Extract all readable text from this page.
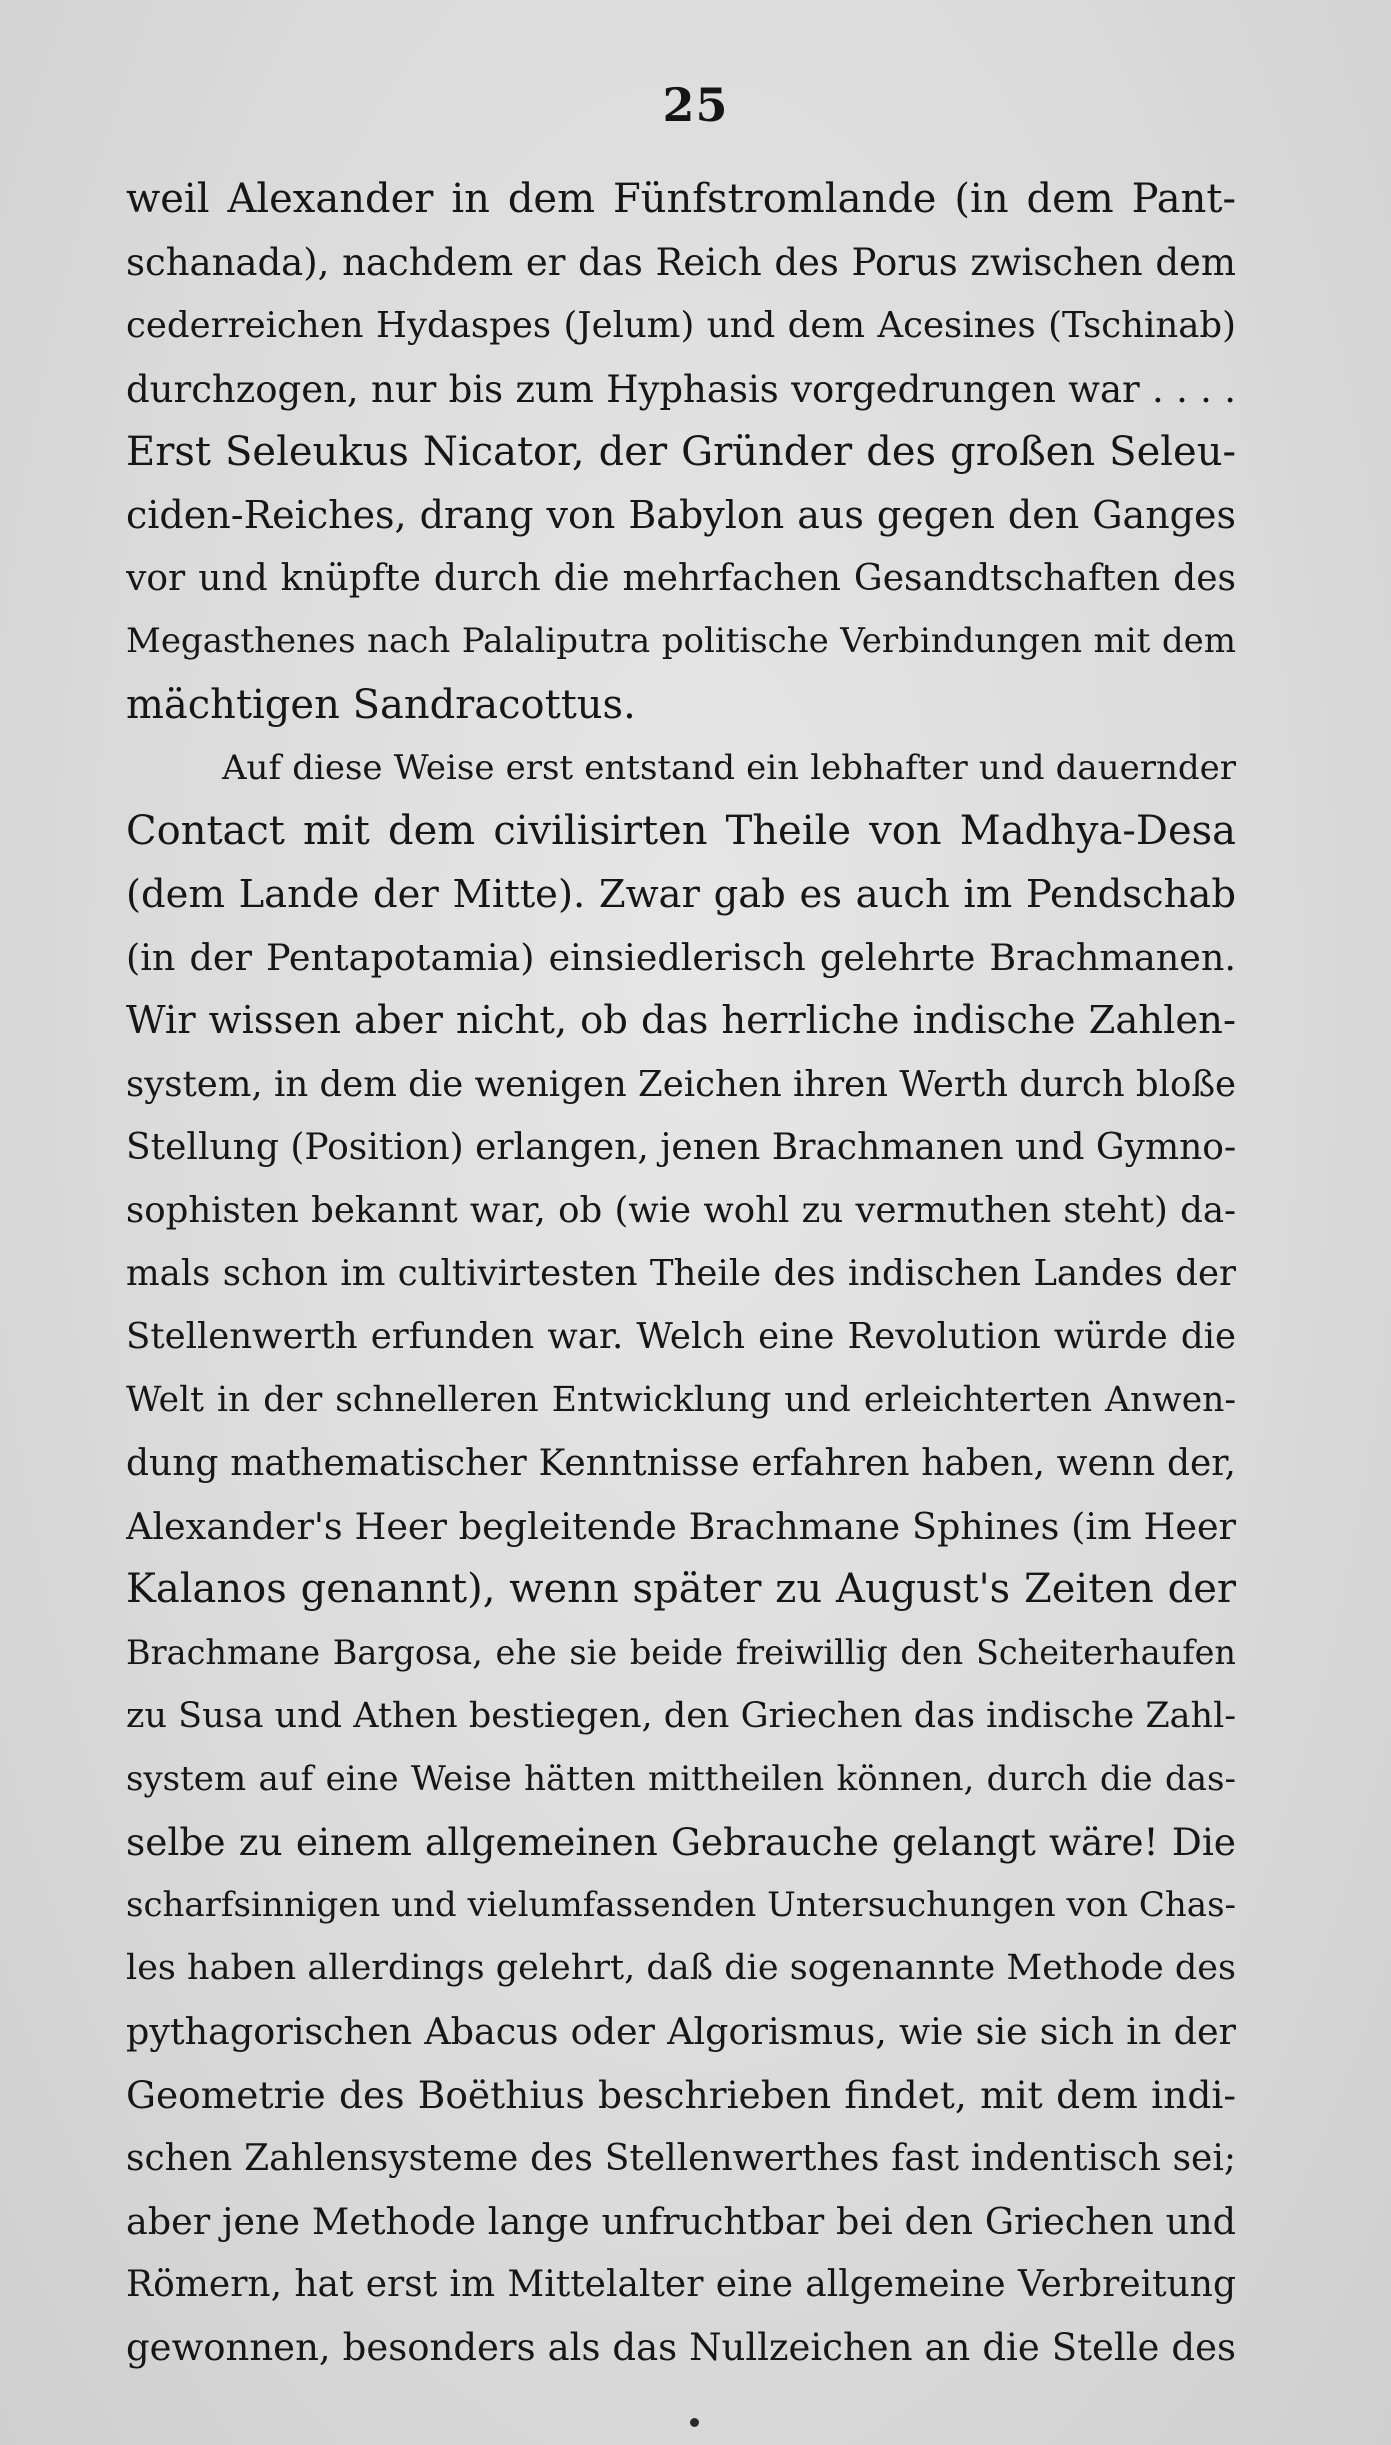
25
weil Alexander in dem Fünfstromlande (in dem Pant-
schanada), nachdem er das Reich des Porus zwischen dem
cederreichen Hydaspes (Jelum) und dem Acesines (Tschinab)
durchzogen, nur bis zum Hyphasis vorgedrungen war . . . .
Erst Seleukus Nicator, der Gründer des großen Seleu-
ciden-Reiches, drang von Babylon aus gegen den Ganges
vor und knüpfte durch die mehrfachen Gesandtschaften des
Megasthenes nach Palaliputra politische Verbindungen mit dem
mächtigen Sandracottus.
Auf diese Weise erst entstand ein lebhafter und dauernder
Contact mit dem civilisirten Theile von Madhya-Desa
(dem Lande der Mitte). Zwar gab es auch im Pendschab
(in der Pentapotamia) einsiedlerisch gelehrte Brachmanen.
Wir wissen aber nicht, ob das herrliche indische Zahlen-
system, in dem die wenigen Zeichen ihren Werth durch bloße
Stellung (Position) erlangen, jenen Brachmanen und Gymno-
sophisten bekannt war, ob (wie wohl zu vermuthen steht) da-
mals schon im cultivirtesten Theile des indischen Landes der
Stellenwerth erfunden war. Welch eine Revolution würde die
Welt in der schnelleren Entwicklung und erleichterten Anwen-
dung mathematischer Kenntnisse erfahren haben, wenn der,
Alexander's Heer begleitende Brachmane Sphines (im Heer
Kalanos genannt), wenn später zu August's Zeiten der
Brachmane Bargosa, ehe sie beide freiwillig den Scheiterhaufen
zu Susa und Athen bestiegen, den Griechen das indische Zahl-
system auf eine Weise hätten mittheilen können, durch die das-
selbe zu einem allgemeinen Gebrauche gelangt wäre! Die
scharfsinnigen und vielumfassenden Untersuchungen von Chas-
les haben allerdings gelehrt, daß die sogenannte Methode des
pythagorischen Abacus oder Algorismus, wie sie sich in der
Geometrie des Boëthius beschrieben findet, mit dem indi-
schen Zahlensysteme des Stellenwerthes fast indentisch sei;
aber jene Methode lange unfruchtbar bei den Griechen und
Römern, hat erst im Mittelalter eine allgemeine Verbreitung
gewonnen, besonders als das Nullzeichen an die Stelle des
